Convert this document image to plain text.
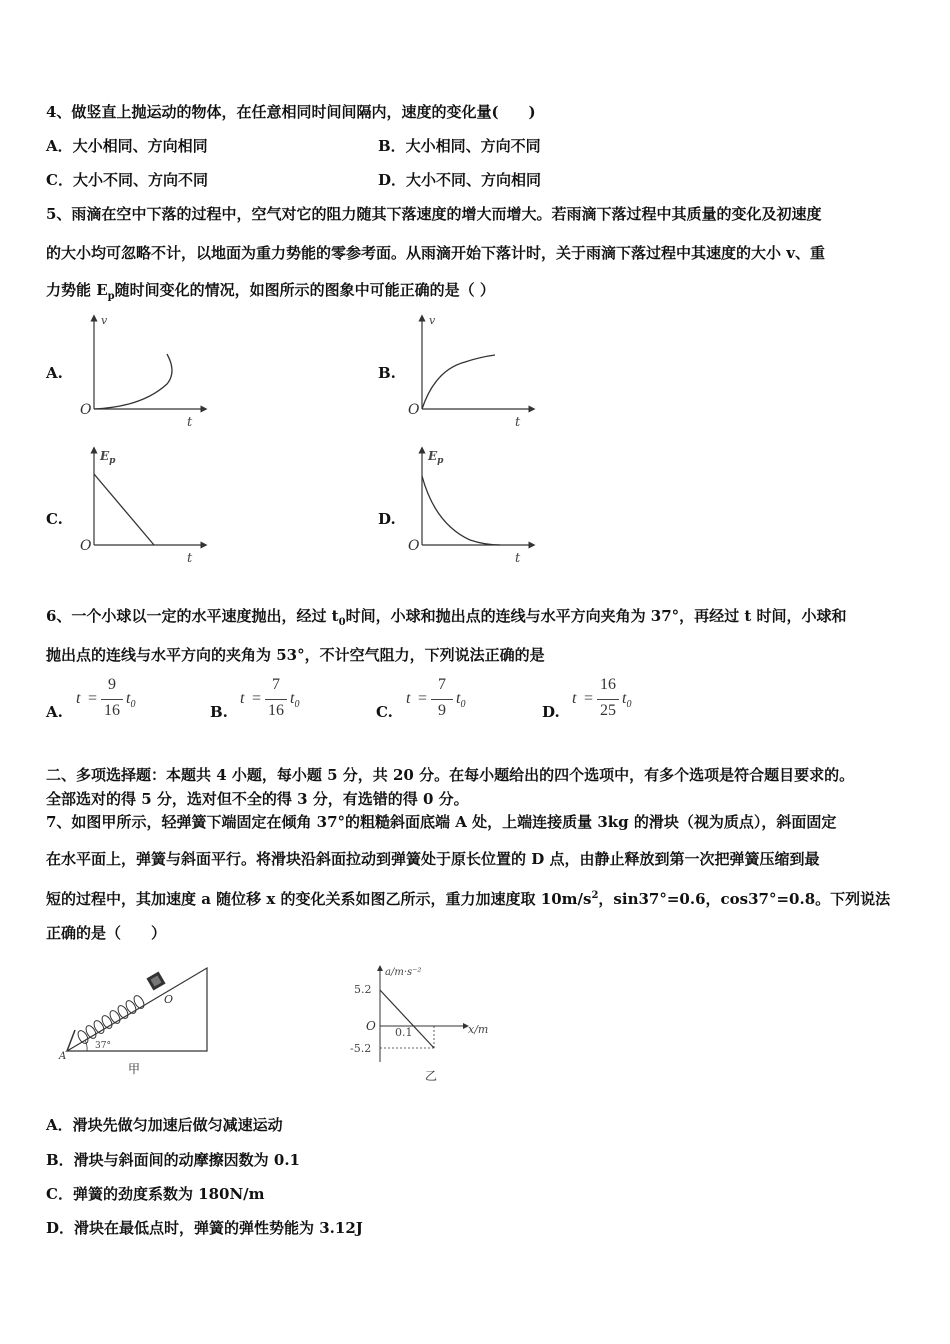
4、做竖直上抛运动的物体，在任意相同时间间隔内，速度的变化量(　　)
A．大小相同、方向相同	B．大小相同、方向不同
C．大小不同、方向不同	D．大小不同、方向相同
5、雨滴在空中下落的过程中，空气对它的阻力随其下落速度的增大而增大。若雨滴下落过程中其质量的变化及初速度
的大小均可忽略不计，以地面为重力势能的零参考面。从雨滴开始下落计时，关于雨滴下落过程中其速度的大小 v、重
力势能 $E_p$随时间变化的情况，如图所示的图象中可能正确的是（ ）
A.	B.
C.	D.
v
O
t
v
O
t
$E_p$
O
t
$E_p$
O
t
6、一个小球以一定的水平速度抛出，经过 $t_0$时间，小球和抛出点的连线与水平方向夹角为 37°，再经过 t 时间，小球和
抛出点的连线与水平方向的夹角为 53°，不计空气阻力，下列说法正确的是
A.
t =
9
16
$t_0$	B.
t =
7
16
$t_0$	C.
t =
7
9
$t_0$	D.
t =
16
25
$t_0$
二、多项选择题：本题共 4 小题，每小题 5 分，共 20 分。在每小题给出的四个选项中，有多个选项是符合题目要求的。
全部选对的得 5 分，选对但不全的得 3 分，有选错的得 0 分。
7、如图甲所示，轻弹簧下端固定在倾角 37°的粗糙斜面底端 A 处，上端连接质量 3kg 的滑块（视为质点），斜面固定
在水平面上，弹簧与斜面平行。将滑块沿斜面拉动到弹簧处于原长位置的 D 点，由静止释放到第一次把弹簧压缩到最
短的过程中，其加速度 a 随位移 x 的变化关系如图乙所示，重力加速度取 $10m/s^2$，sin37°=0.6，cos37°=0.8。下列说法
正确的是（　　）
37°
A
O
甲
a/m·s⁻²
5.2
-5.2
O 0.1	x/m
乙
A．滑块先做匀加速后做匀减速运动
B．滑块与斜面间的动摩擦因数为 0.1
C．弹簧的劲度系数为 180N/m
D．滑块在最低点时，弹簧的弹性势能为 3.12J
